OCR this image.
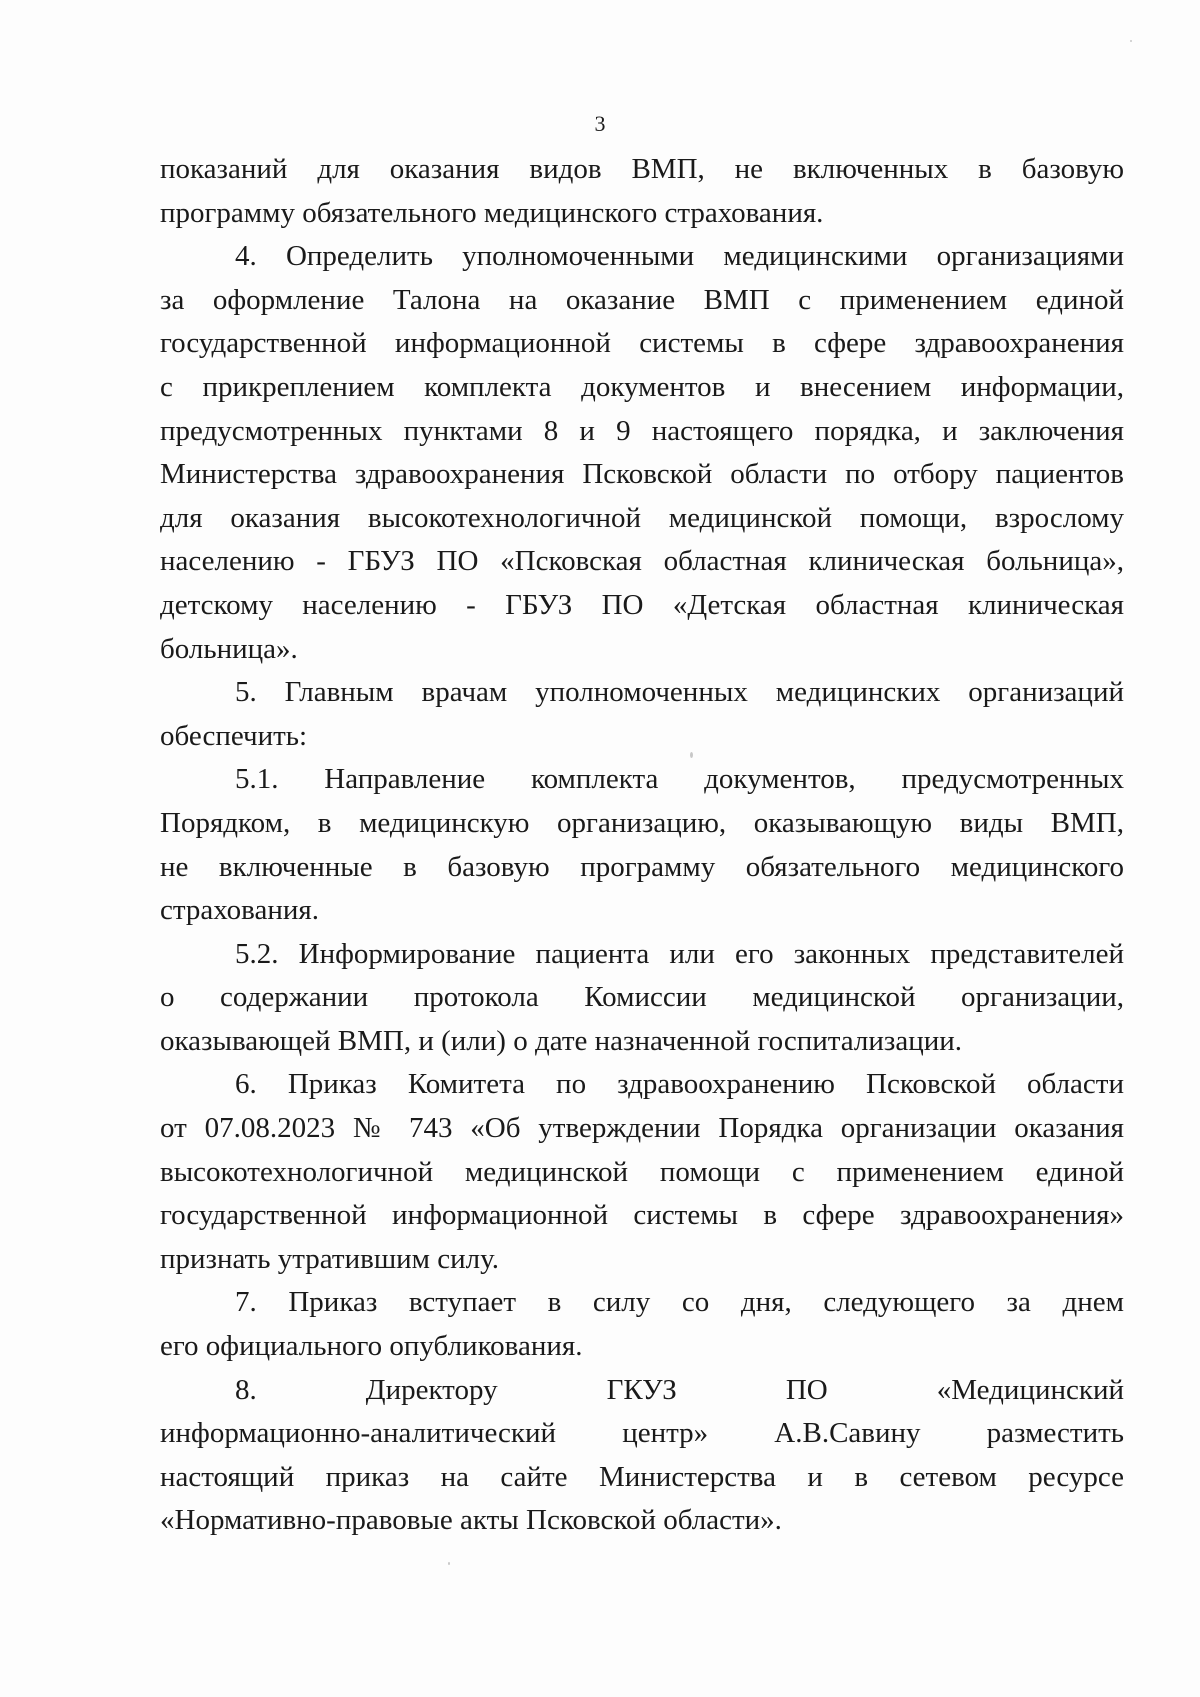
3
показаний для оказания видов ВМП, не включенных в базовую
программу обязательного медицинского страхования.
4. Определить уполномоченными медицинскими организациями
за оформление Талона на оказание ВМП с применением единой
государственной информационной системы в сфере здравоохранения
с прикреплением комплекта документов и внесением информации,
предусмотренных пунктами 8 и 9 настоящего порядка, и заключения
Министерства здравоохранения Псковской области по отбору пациентов
для оказания высокотехнологичной медицинской помощи, взрослому
населению - ГБУЗ ПО «Псковская областная клиническая больница»,
детскому населению - ГБУЗ ПО «Детская областная клиническая
больница».
5. Главным врачам уполномоченных медицинских организаций
обеспечить:
5.1. Направление комплекта документов, предусмотренных
Порядком, в медицинскую организацию, оказывающую виды ВМП,
не включенные в базовую программу обязательного медицинского
страхования.
5.2. Информирование пациента или его законных представителей
о содержании протокола Комиссии медицинской организации,
оказывающей ВМП, и (или) о дате назначенной госпитализации.
6. Приказ Комитета по здравоохранению Псковской области
от 07.08.2023 № 743 «Об утверждении Порядка организации оказания
высокотехнологичной медицинской помощи с применением единой
государственной информационной системы в сфере здравоохранения»
признать утратившим силу.
7. Приказ вступает в силу со дня, следующего за днем
его официального опубликования.
8. Директору ГКУЗ ПО «Медицинский
информационно-аналитический центр» А.В.Савину разместить
настоящий приказ на сайте Министерства и в сетевом ресурсе
«Нормативно-правовые акты Псковской области».
